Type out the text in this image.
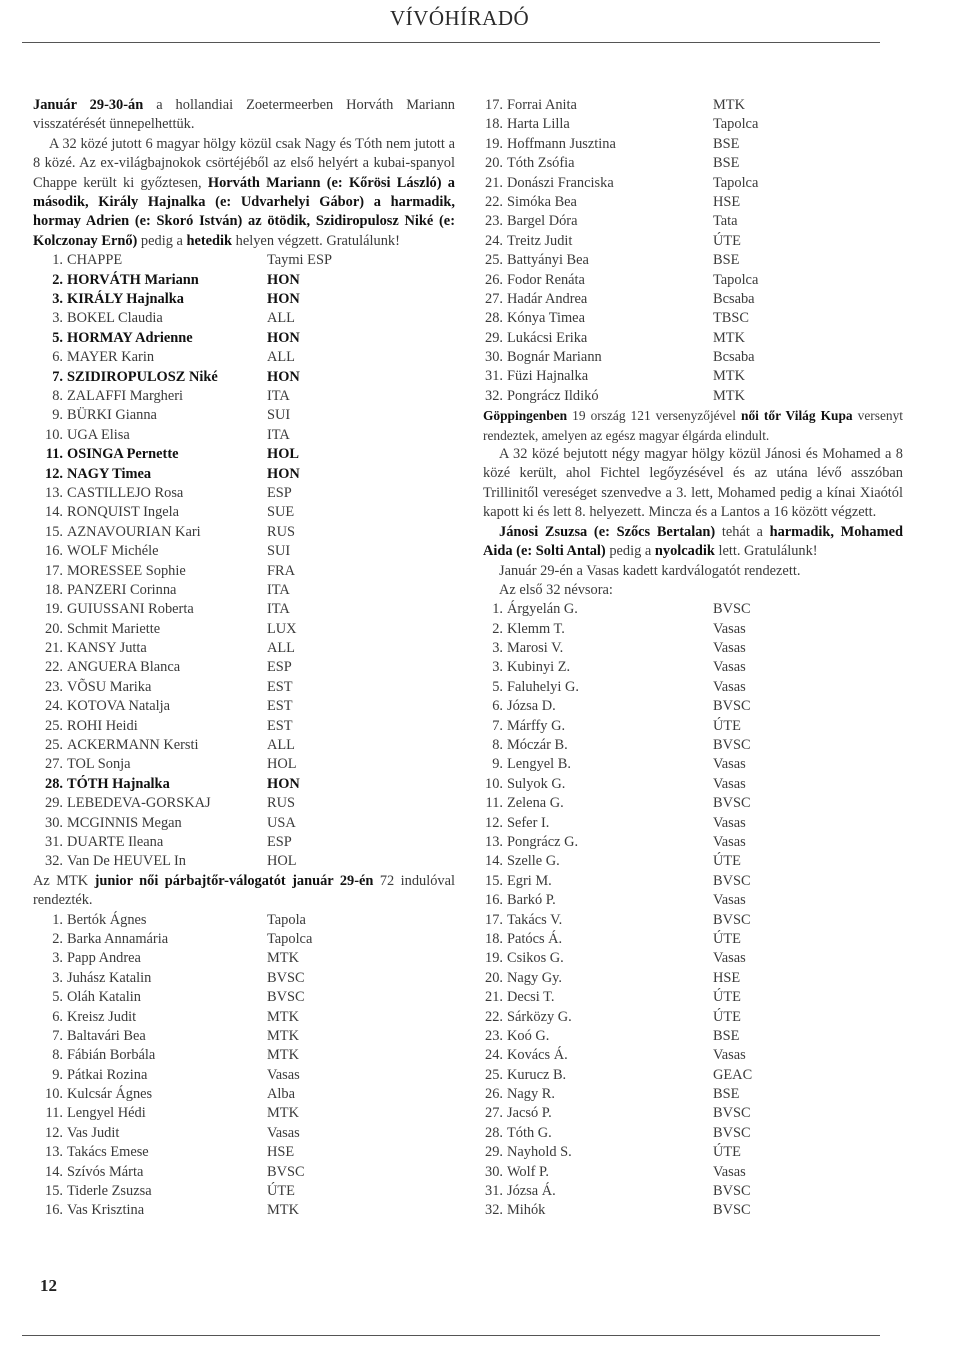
VÍVÓHÍRADÓ

Január 29-30-án a hollandiai Zoetermeerben Horváth Mariann visszatérését ünnepelhettük.

A 32 közé jutott 6 magyar hölgy közül csak Nagy és Tóth nem jutott a 8 közé. Az ex-világbajnokok csörtéjéből az első helyért a kubai-spanyol Chappe került ki győztesen, Horváth Mariann (e: Kőrösi László) a második, Király Hajnalka (e: Udvarhelyi Gábor) a harmadik, hormay Adrien (e: Skoró István) az ötödik, Szidiropulosz Niké (e: Kolczonay Ernő) pedig a hetedik helyen végzett. Gratulálunk!

1. CHAPPE	Taymi ESP
2. HORVÁTH Mariann	HON
3. KIRÁLY Hajnalka	HON
3. BOKEL Claudia	ALL
5. HORMAY Adrienne	HON
6. MAYER Karin	ALL
7. SZIDIROPULOSZ Niké	HON
8. ZALAFFI Margheri	ITA
9. BÜRKI Gianna	SUI
10. UGA Elisa	ITA
11. OSINGA Pernette	HOL
12. NAGY Timea	HON
13. CASTILLEJO Rosa	ESP
14. RONQUIST Ingela	SUE
15. AZNAVOURIAN Kari	RUS
16. WOLF Michéle	SUI
17. MORESSEE Sophie	FRA
18. PANZERI Corinna	ITA
19. GUIUSSANI Roberta	ITA
20. Schmit Mariette	LUX
21. KANSY Jutta	ALL
22. ANGUERA Blanca	ESP
23. VÕSU Marika	EST
24. KOTOVA Natalja	EST
25. ROHI Heidi	EST
25. ACKERMANN Kersti	ALL
27. TOL Sonja	HOL
28. TÓTH Hajnalka	HON
29. LEBEDEVA-GORSKAJ	RUS
30. MCGINNIS Megan	USA
31. DUARTE Ileana	ESP
32. Van De HEUVEL In	HOL

Az MTK junior női párbajtőr-válogatót január 29-én 72 indulóval rendezték.

1. Bertók Ágnes	Tapola
2. Barka Annamária	Tapolca
3. Papp Andrea	MTK
3. Juhász Katalin	BVSC
5. Oláh Katalin	BVSC
6. Kreisz Judit	MTK
7. Baltavári Bea	MTK
8. Fábián Borbála	MTK
9. Pátkai Rozina	Vasas
10. Kulcsár Ágnes	Alba
11. Lengyel Hédi	MTK
12. Vas Judit	Vasas
13. Takács Emese	HSE
14. Szívós Márta	BVSC
15. Tiderle Zsuzsa	ÚTE
16. Vas Krisztina	MTK
17. Forrai Anita	MTK
18. Harta Lilla	Tapolca
19. Hoffmann Jusztina	BSE
20. Tóth Zsófia	BSE
21. Donászi Franciska	Tapolca
22. Simóka Bea	HSE
23. Bargel Dóra	Tata
24. Treitz Judit	ÚTE
25. Battyányi Bea	BSE
26. Fodor Renáta	Tapolca
27. Hadár Andrea	Bcsaba
28. Kónya Timea	TBSC
29. Lukácsi Erika	MTK
30. Bognár Mariann	Bcsaba
31. Füzi Hajnalka	MTK
32. Pongrácz Ildikó	MTK

Göppingenben 19 ország 121 versenyzőjével női tőr Világ Kupa versenyt rendeztek, amelyen az egész magyar élgárda elindult.

A 32 közé bejutott négy magyar hölgy közül Jánosi és Mohamed a 8 közé került, ahol Fichtel legőyzésével és az utána lévő asszóban Trillinitől vereséget szenvedve a 3. lett, Mohamed pedig a kínai Xiaótól kapott ki és lett 8. helyezett. Mincza és a Lantos a 16 között végzett.

Jánosi Zsuzsa (e: Szőcs Bertalan) tehát a harmadik, Mohamed Aida (e: Solti Antal) pedig a nyolcadik lett. Gratulálunk!

Január 29-én a Vasas kadett kardválogatót rendezett.

Az első 32 névsora:

1. Árgyelán G.	BVSC
2. Klemm T.	Vasas
3. Marosi V.	Vasas
3. Kubinyi Z.	Vasas
5. Faluhelyi G.	Vasas
6. Józsa D.	BVSC
7. Márffy G.	ÚTE
8. Móczár B.	BVSC
9. Lengyel B.	Vasas
10. Sulyok G.	Vasas
11. Zelena G.	BVSC
12. Sefer I.	Vasas
13. Pongrácz G.	Vasas
14. Szelle G.	ÚTE
15. Egri M.	BVSC
16. Barkó P.	Vasas
17. Takács V.	BVSC
18. Patócs Á.	ÚTE
19. Csikos G.	Vasas
20. Nagy Gy.	HSE
21. Decsi T.	ÚTE
22. Sárközy G.	ÚTE
23. Koó G.	BSE
24. Kovács Á.	Vasas
25. Kurucz B.	GEAC
26. Nagy R.	BSE
27. Jacsó P.	BVSC
28. Tóth G.	BVSC
29. Nayhold S.	ÚTE
30. Wolf P.	Vasas
31. Józsa Á.	BVSC
32. Mihók	BVSC
12
